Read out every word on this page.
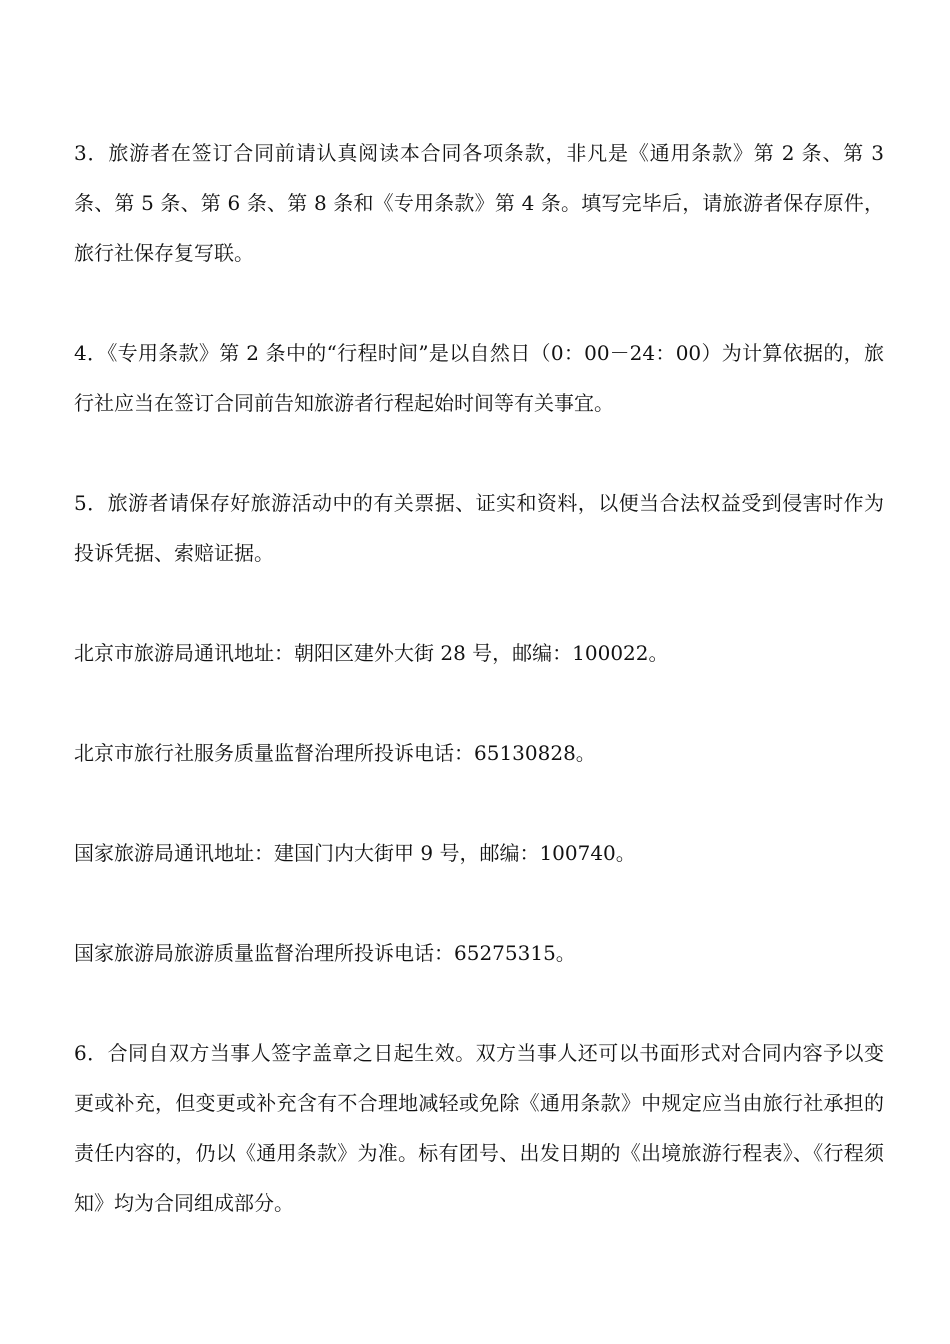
3．旅游者在签订合同前请认真阅读本合同各项条款，非凡是《通用条款》第 2 条、第 3 条、第 5 条、第 6 条、第 8 条和《专用条款》第 4 条。填写完毕后，请旅游者保存原件，旅行社保存复写联。

4．《专用条款》第 2 条中的“行程时间”是以自然日（0：00－24：00）为计算依据的，旅行社应当在签订合同前告知旅游者行程起始时间等有关事宜。

5．旅游者请保存好旅游活动中的有关票据、证实和资料，以便当合法权益受到侵害时作为投诉凭据、索赔证据。

北京市旅游局通讯地址：朝阳区建外大街 28 号，邮编：100022。

北京市旅行社服务质量监督治理所投诉电话：65130828。

国家旅游局通讯地址：建国门内大街甲 9 号，邮编：100740。

国家旅游局旅游质量监督治理所投诉电话：65275315。

6．合同自双方当事人签字盖章之日起生效。双方当事人还可以书面形式对合同内容予以变更或补充，但变更或补充含有不合理地减轻或免除《通用条款》中规定应当由旅行社承担的责任内容的，仍以《通用条款》为准。标有团号、出发日期的《出境旅游行程表》、《行程须知》均为合同组成部分。
